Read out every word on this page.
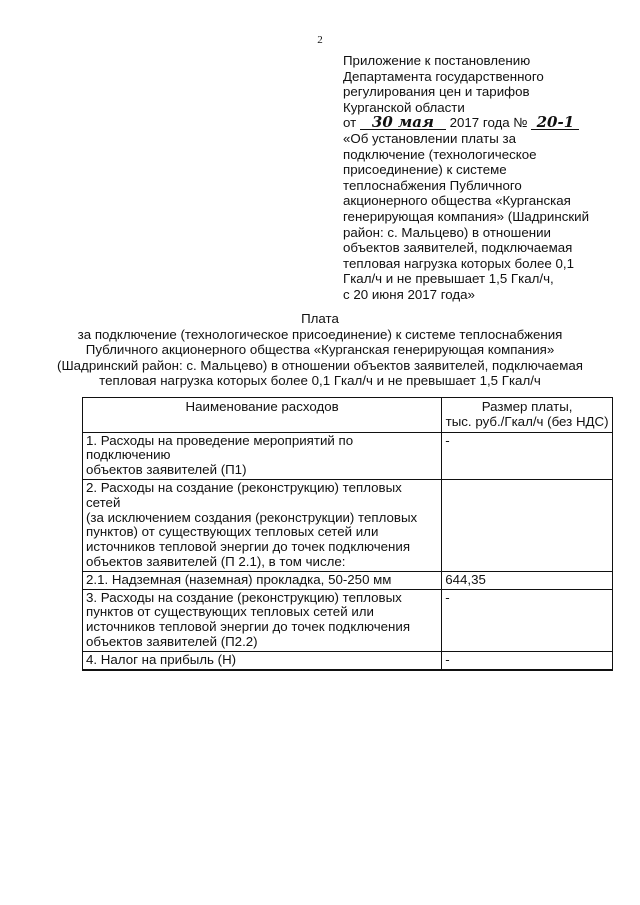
2
Приложение к постановлению
Департамента государственного
регулирования цен и тарифов
Курганской области
от 30 мая 2017 года № 20-1
«Об установлении платы за
подключение (технологическое
присоединение) к системе
теплоснабжения Публичного
акционерного общества «Курганская
генерирующая компания» (Шадринский
район: с. Мальцево) в отношении
объектов заявителей, подключаемая
тепловая нагрузка которых более 0,1
Гкал/ч и не превышает 1,5 Гкал/ч,
с 20 июня 2017 года»
Плата
за подключение (технологическое присоединение) к системе теплоснабжения
Публичного акционерного общества «Курганская генерирующая компания»
(Шадринский район: с. Мальцево) в отношении объектов заявителей, подключаемая
тепловая нагрузка которых более 0,1 Гкал/ч и не превышает 1,5 Гкал/ч
Наименование расходов	Размер платы,
тыс. руб./Гкал/ч (без НДС)

1. Расходы на проведение мероприятий по подключению
объектов заявителей (П1)	-

2. Расходы на создание (реконструкцию) тепловых сетей
(за исключением создания (реконструкции) тепловых
пунктов) от существующих тепловых сетей или
источников тепловой энергии до точек подключения
объектов заявителей (П 2.1), в том числе:	

2.1. Надземная (наземная) прокладка, 50-250 мм	644,35

3. Расходы на создание (реконструкцию) тепловых
пунктов от существующих тепловых сетей или
источников тепловой энергии до точек подключения
объектов заявителей (П2.2)	-

4. Налог на прибыль (Н)	-
